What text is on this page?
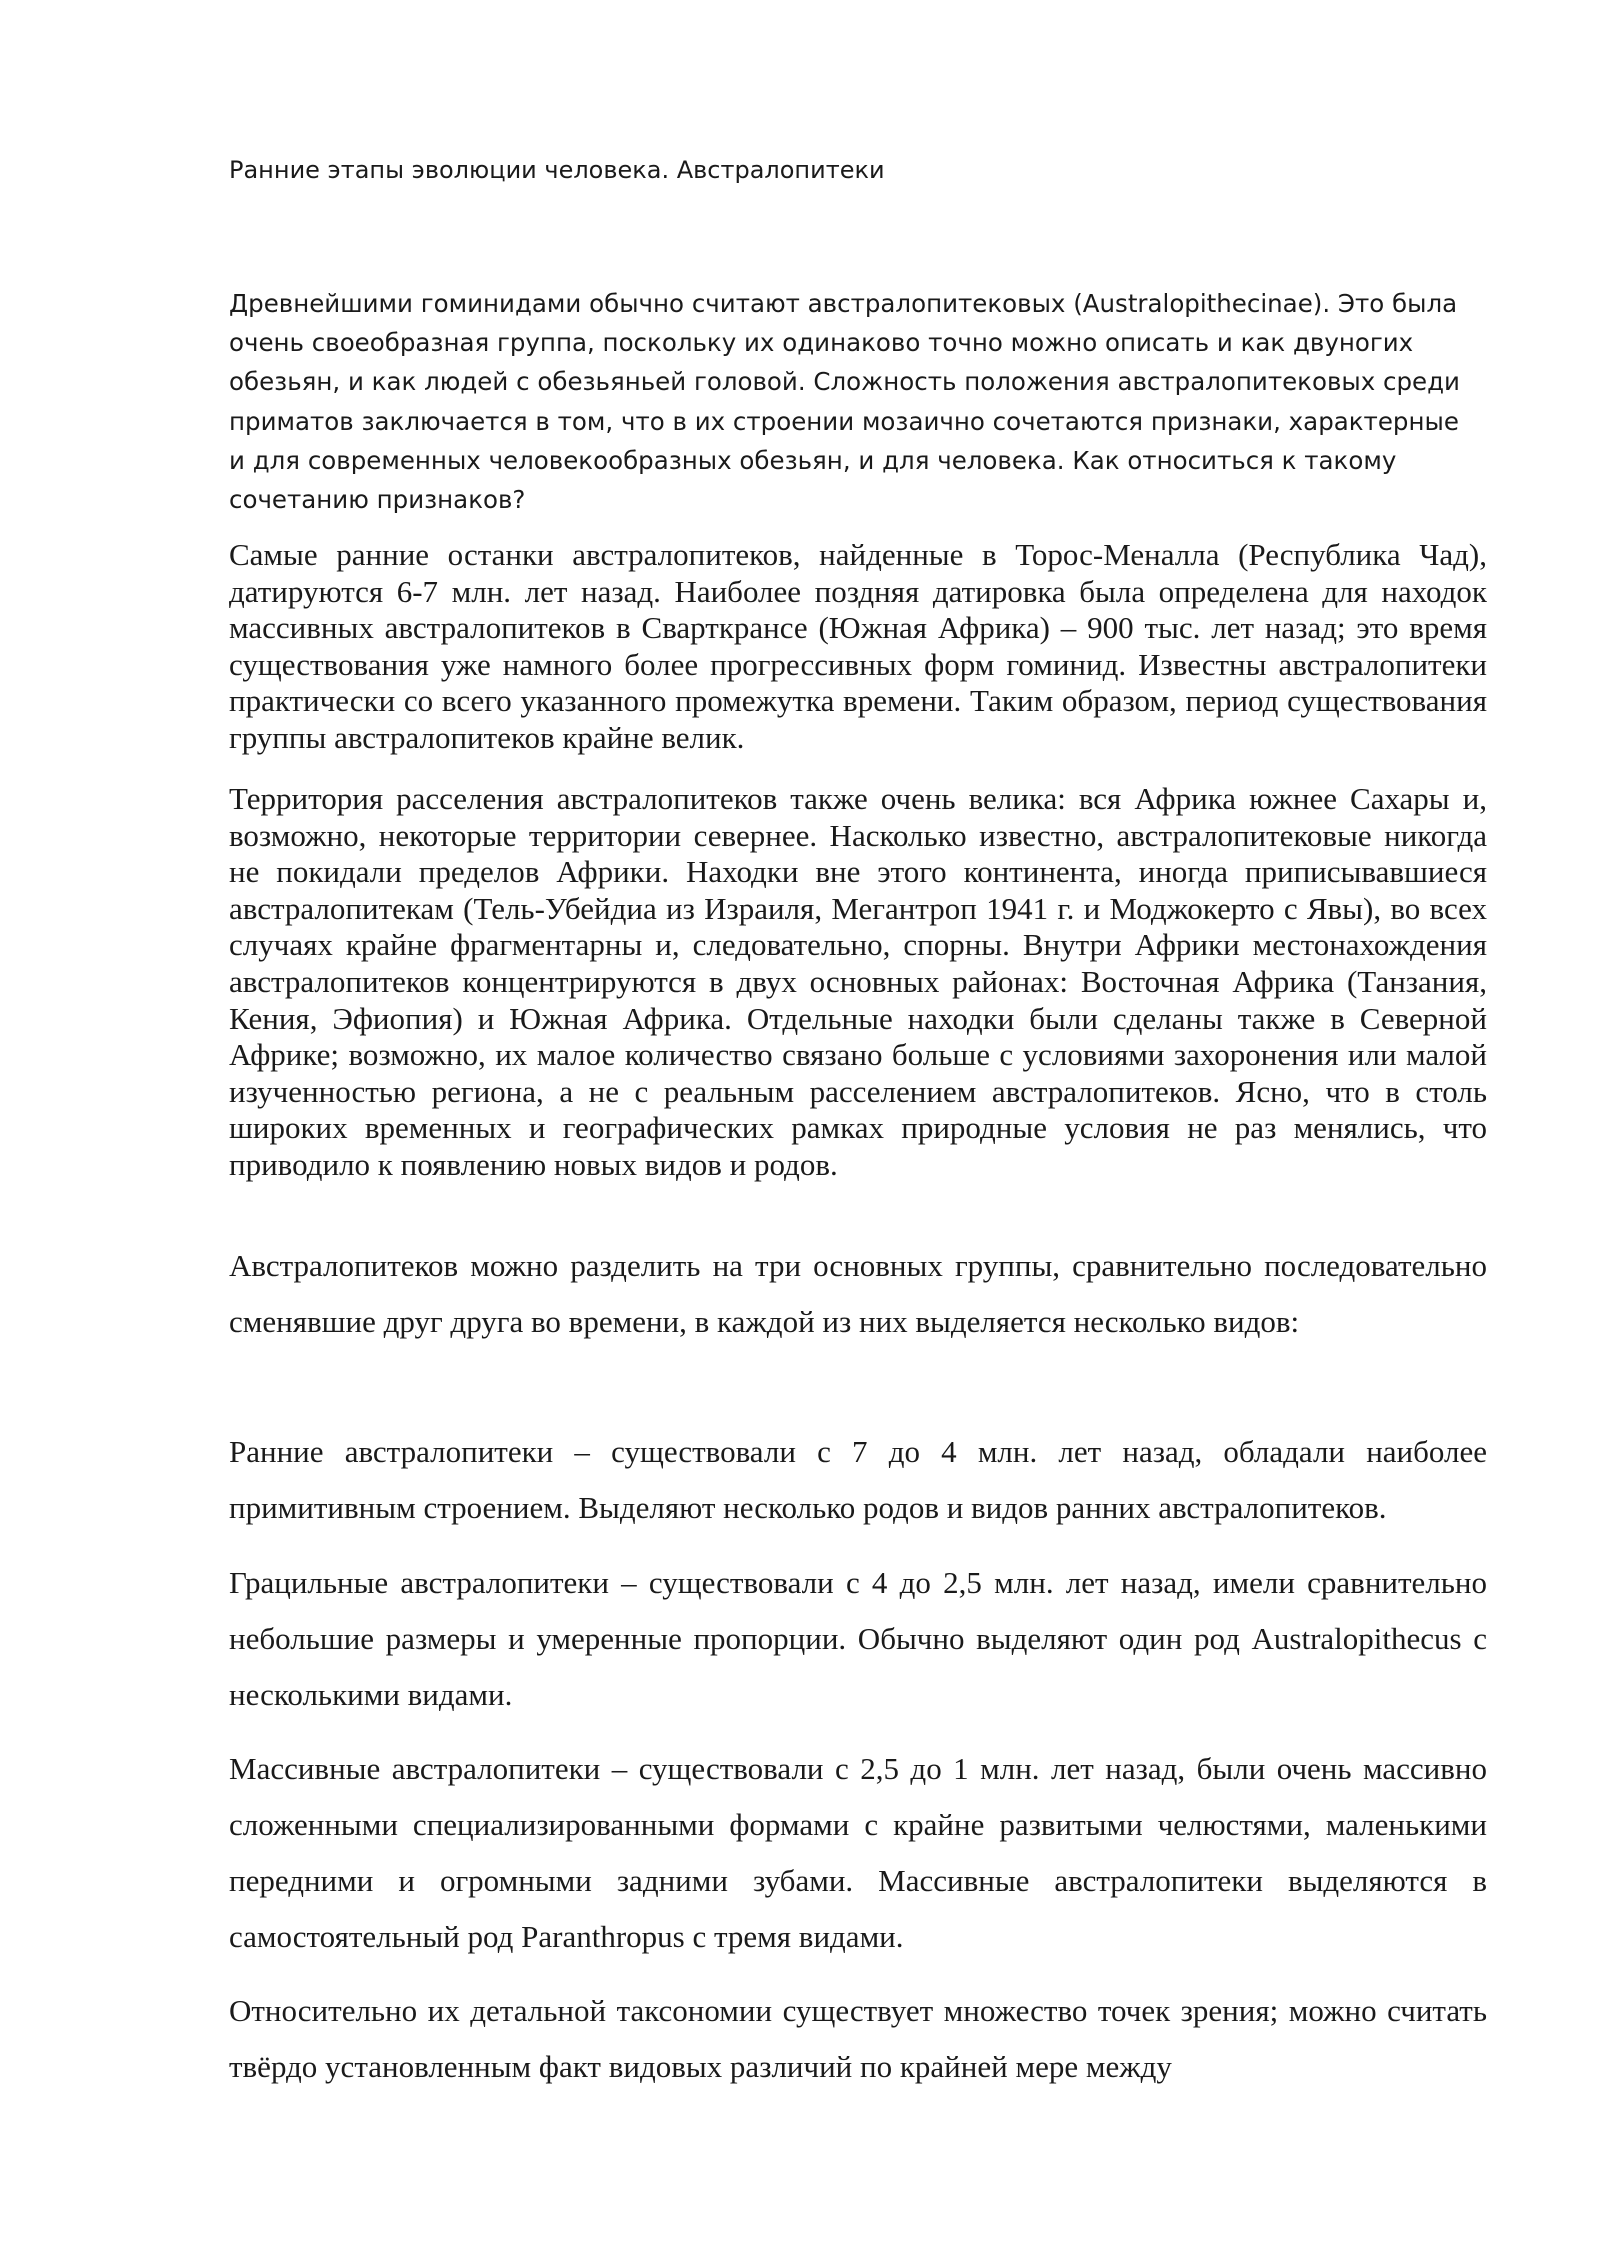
Ранние этапы эволюции человека. Австралопитеки

Древнейшими гоминидами обычно считают австралопитековых (Australopithecinae). Это была очень своеобразная группа, поскольку их одинаково точно можно описать и как двуногих обезьян, и как людей с обезьяньей головой. Сложность положения австралопитековых среди приматов заключается в том, что в их строении мозаично сочетаются признаки, характерные и для современных человекообразных обезьян, и для человека. Как относиться к такому сочетанию признаков?

Самые ранние останки австралопитеков, найденные в Торос-Меналла (Республика Чад), датируются 6-7 млн. лет назад. Наиболее поздняя датировка была определена для находок массивных австралопитеков в Сварткрансе (Южная Африка) – 900 тыс. лет назад; это время существования уже намного более прогрессивных форм гоминид. Известны австралопитеки практически со всего указанного промежутка времени. Таким образом, период существования группы австралопитеков крайне велик.

Территория расселения австралопитеков также очень велика: вся Африка южнее Сахары и, возможно, некоторые территории севернее. Насколько известно, австралопитековые никогда не покидали пределов Африки. Находки вне этого континента, иногда приписывавшиеся австралопитекам (Тель-Убейдиа из Израиля, Мегантроп 1941 г. и Моджокерто с Явы), во всех случаях крайне фрагментарны и, следовательно, спорны. Внутри Африки местонахождения австралопитеков концентрируются в двух основных районах: Восточная Африка (Танзания, Кения, Эфиопия) и Южная Африка. Отдельные находки были сделаны также в Северной Африке; возможно, их малое количество связано больше с условиями захоронения или малой изученностью региона, а не с реальным расселением австралопитеков. Ясно, что в столь широких временных и географических рамках природные условия не раз менялись, что приводило к появлению новых видов и родов.

Австралопитеков можно разделить на три основных группы, сравнительно последовательно сменявшие друг друга во времени, в каждой из них выделяется несколько видов:

Ранние австралопитеки – существовали с 7 до 4 млн. лет назад, обладали наиболее примитивным строением. Выделяют несколько родов и видов ранних австралопитеков.

Грацильные австралопитеки – существовали с 4 до 2,5 млн. лет назад, имели сравнительно небольшие размеры и умеренные пропорции. Обычно выделяют один род Australopithecus с несколькими видами.

Массивные австралопитеки – существовали с 2,5 до 1 млн. лет назад, были очень массивно сложенными специализированными формами с крайне развитыми челюстями, маленькими передними и огромными задними зубами. Массивные австралопитеки выделяются в самостоятельный род Paranthropus с тремя видами.

Относительно их детальной таксономии существует множество точек зрения; можно считать твёрдо установленным факт видовых различий по крайней мере между
